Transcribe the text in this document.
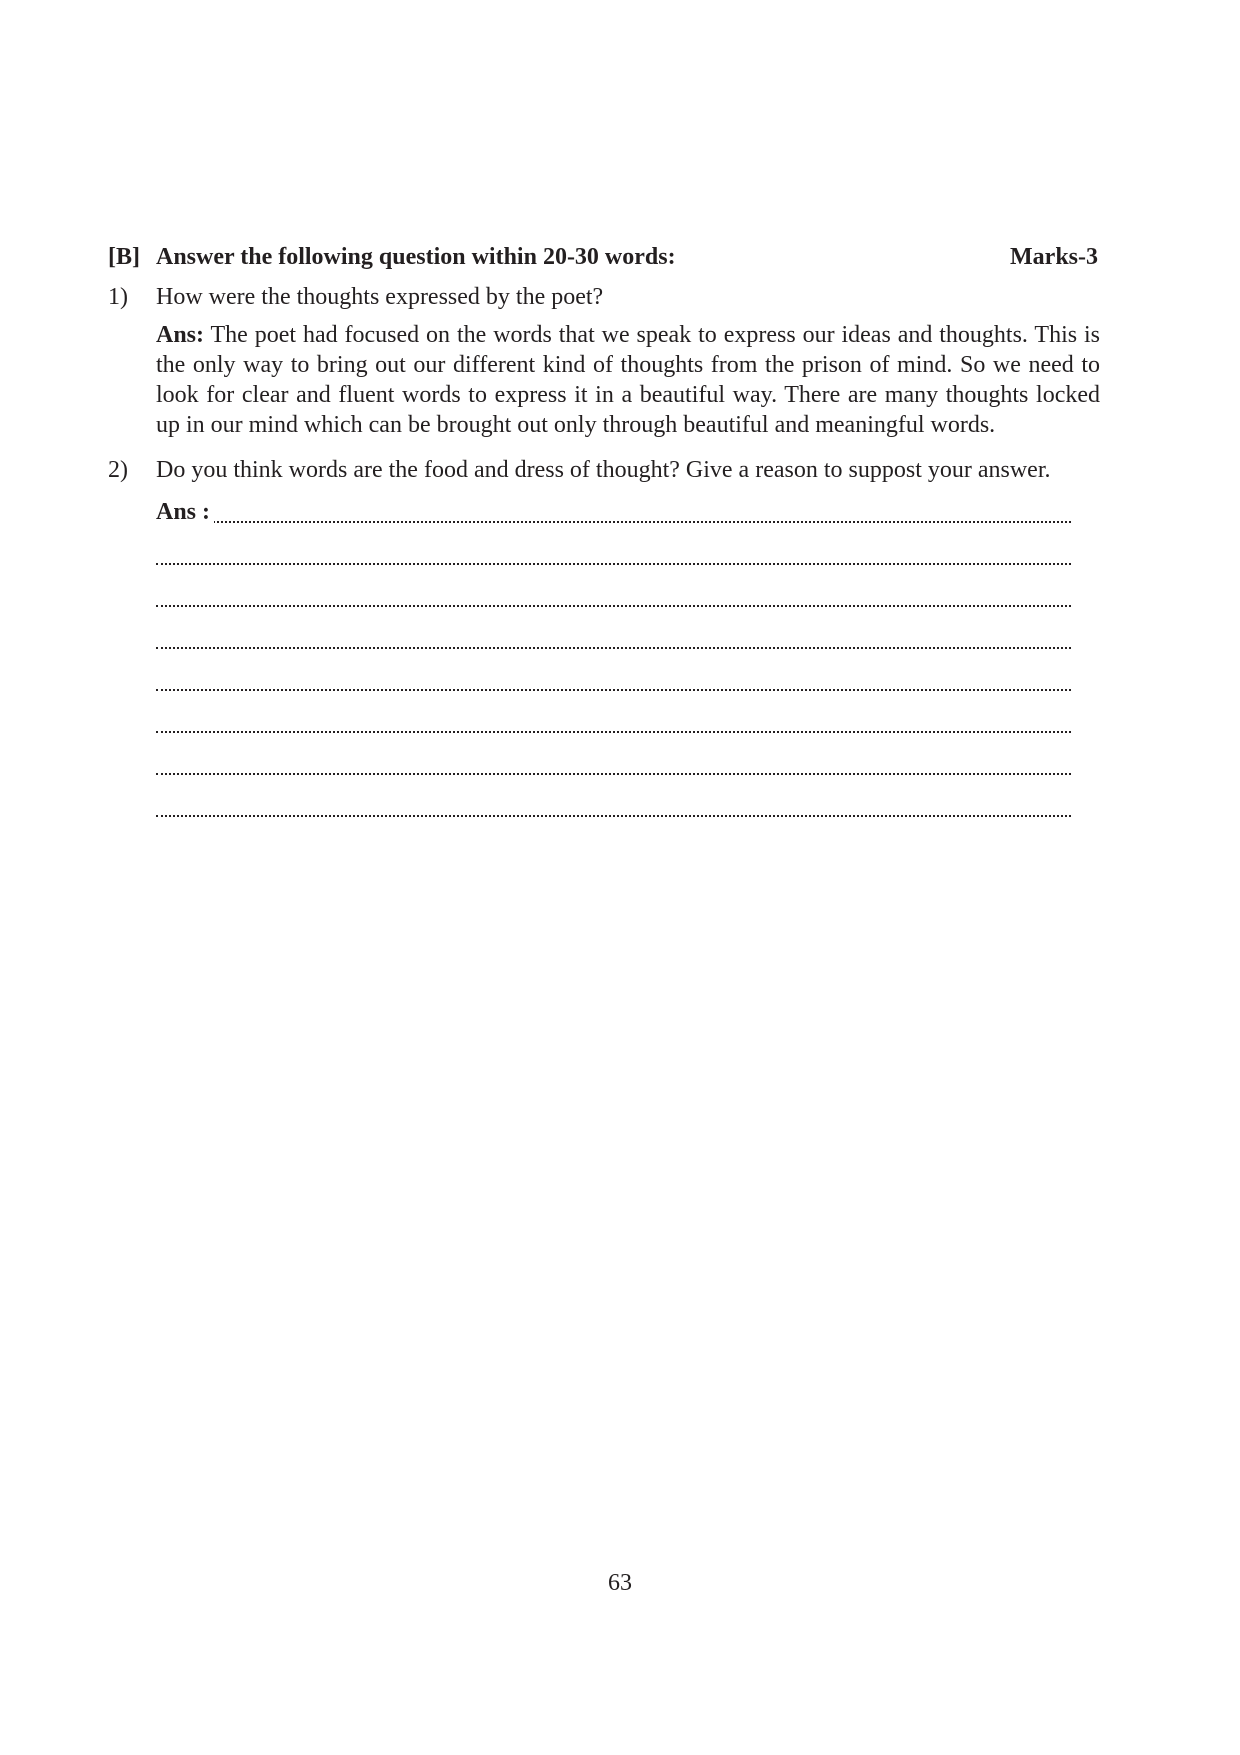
[B] Answer the following question within 20-30 words:	Marks-3
1) How were the thoughts expressed by the poet?
Ans: The poet had focused on the words that we speak to express our ideas and thoughts. This is the only way to bring out our different kind of thoughts from the prison of mind. So we need to look for clear and fluent words to express it in a beautiful way. There are many thoughts locked up in our mind which can be brought out only through beautiful and meaningful words.
2) Do you think words are the food and dress of thought? Give a reason to suppost your answer.
Ans :
63
